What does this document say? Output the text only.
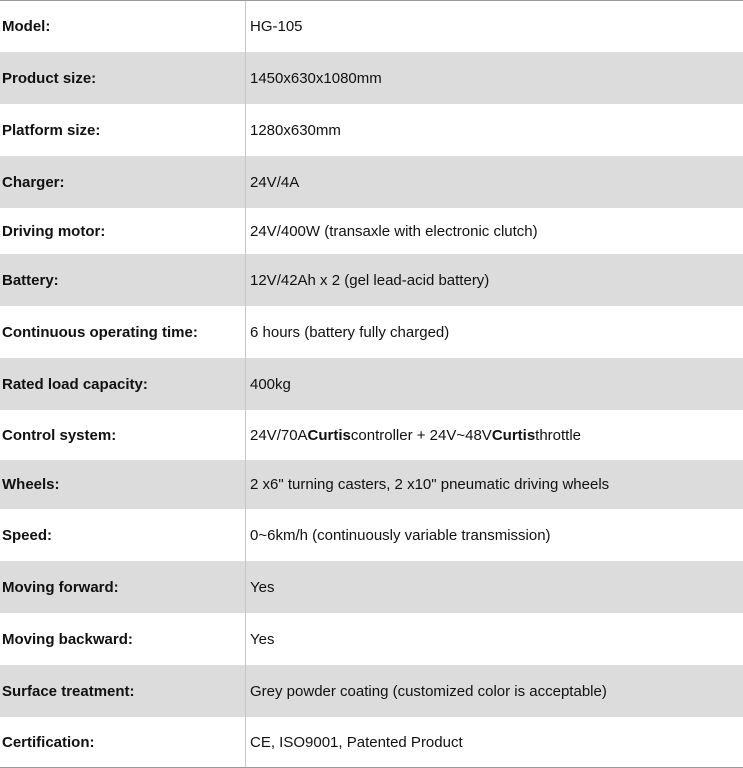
Model:	HG-105
Product size:	1450x630x1080mm
Platform size:	1280x630mm
Charger:	24V/4A
Driving motor:	24V/400W (transaxle with electronic clutch)
Battery:	12V/42Ah x 2 (gel lead-acid battery)
Continuous operating time:	6 hours (battery fully charged)
Rated load capacity:	400kg
Control system:	24V/70A Curtis controller + 24V~48V Curtis throttle
Wheels:	2 x6" turning casters, 2 x10" pneumatic driving wheels
Speed:	0~6km/h (continuously variable transmission)
Moving forward:	Yes
Moving backward:	Yes
Surface treatment:	Grey powder coating (customized color is acceptable)
Certification:	CE, ISO9001, Patented Product
